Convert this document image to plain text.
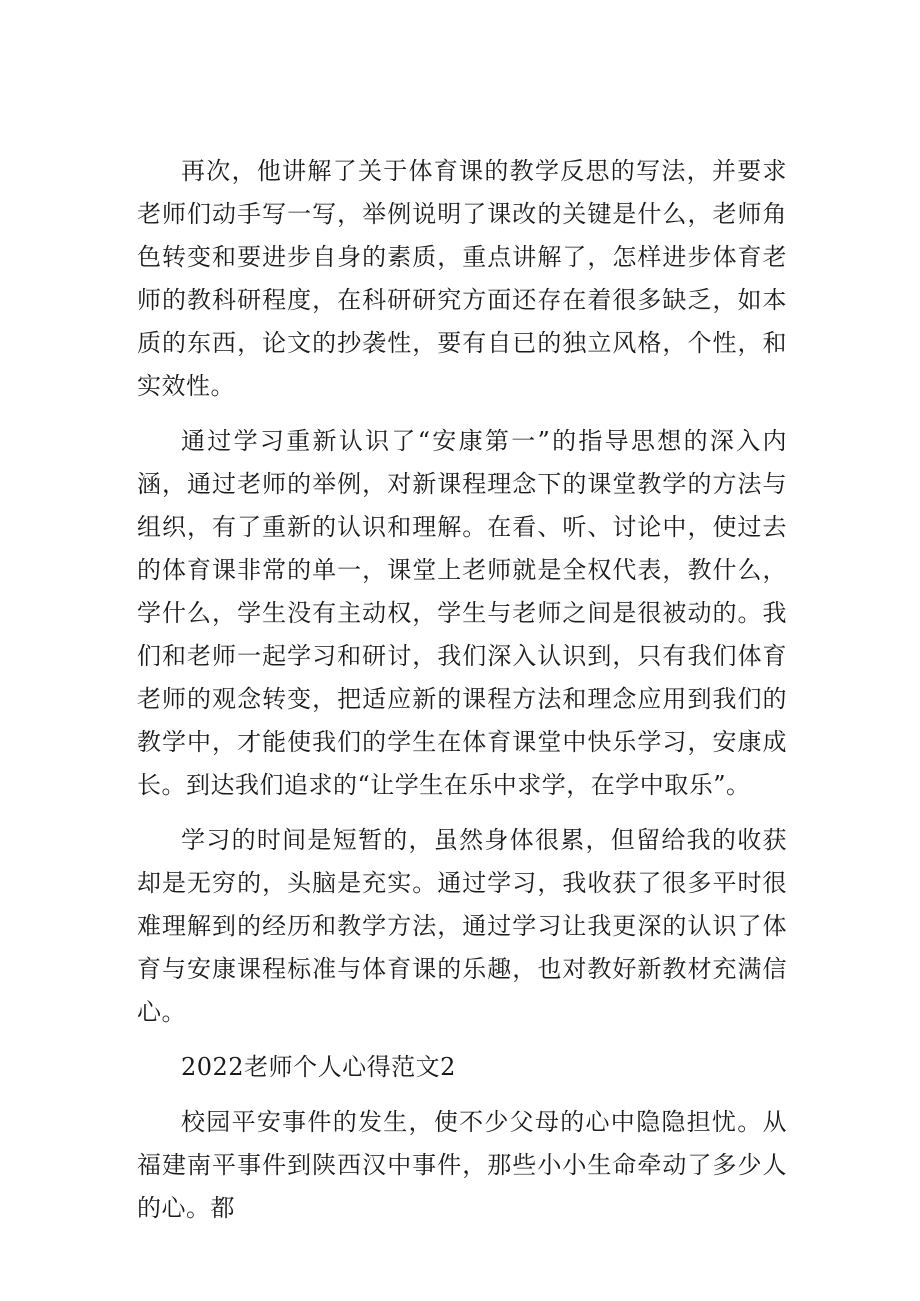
再次，他讲解了关于体育课的教学反思的写法，并要求老师们动手写一写，举例说明了课改的关键是什么，老师角色转变和要进步自身的素质，重点讲解了，怎样进步体育老师的教科研程度，在科研研究方面还存在着很多缺乏，如本质的东西，论文的抄袭性，要有自已的独立风格，个性，和实效性。

通过学习重新认识了“安康第一”的指导思想的深入内涵，通过老师的举例，对新课程理念下的课堂教学的方法与组织，有了重新的认识和理解。在看、听、讨论中，使过去的体育课非常的单一，课堂上老师就是全权代表，教什么，学什么，学生没有主动权，学生与老师之间是很被动的。我们和老师一起学习和研讨，我们深入认识到，只有我们体育老师的观念转变，把适应新的课程方法和理念应用到我们的教学中，才能使我们的学生在体育课堂中快乐学习，安康成长。到达我们追求的“让学生在乐中求学，在学中取乐”。

学习的时间是短暂的，虽然身体很累，但留给我的收获却是无穷的，头脑是充实。通过学习，我收获了很多平时很难理解到的经历和教学方法，通过学习让我更深的认识了体育与安康课程标准与体育课的乐趣，也对教好新教材充满信心。

2022老师个人心得范文2

校园平安事件的发生，使不少父母的心中隐隐担忧。从福建南平事件到陕西汉中事件，那些小小生命牵动了多少人的心。都
